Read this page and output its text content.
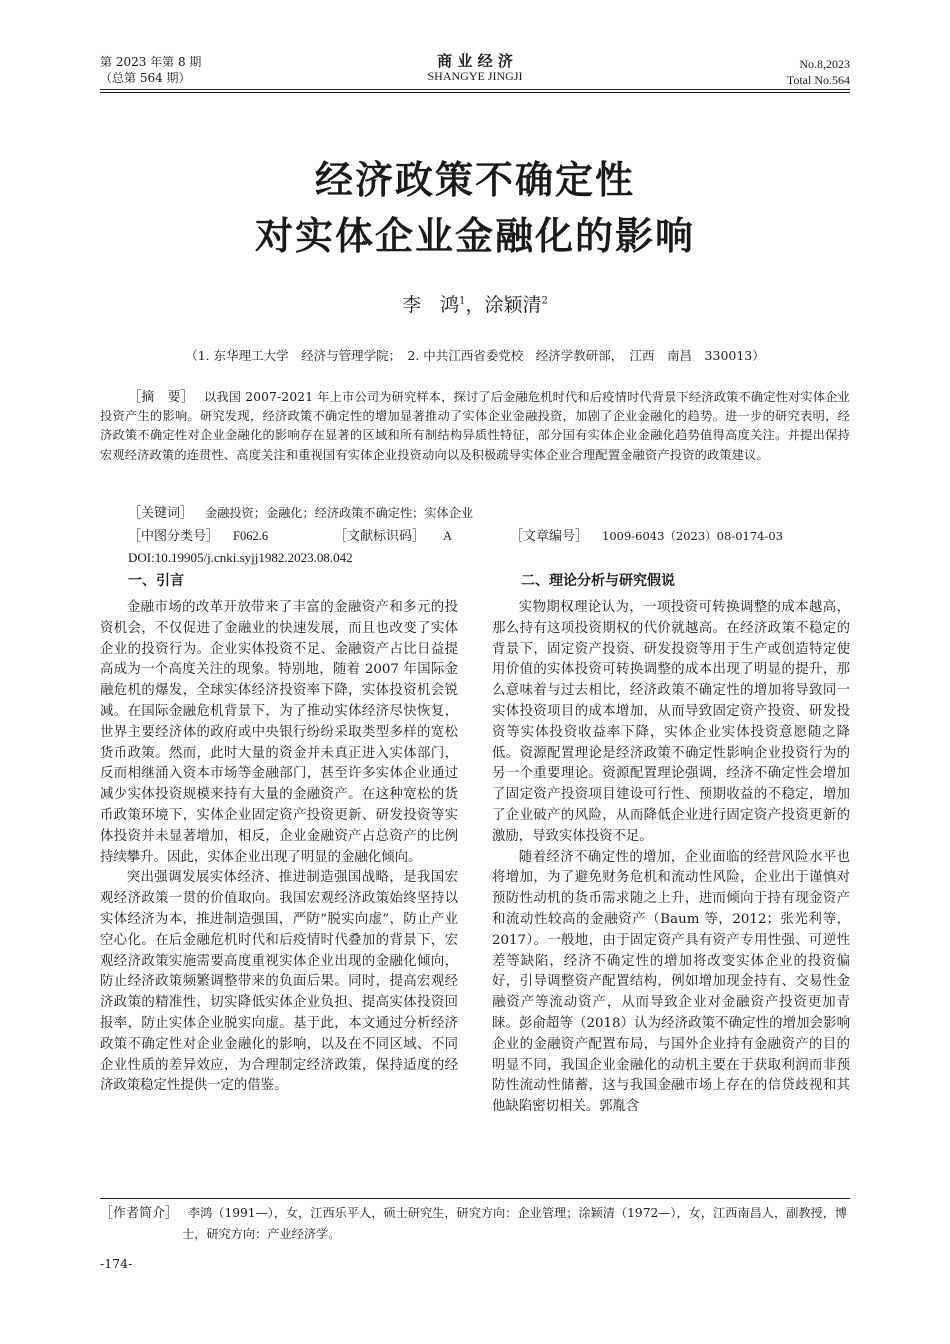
第 2023 年第 8 期
（总第 564 期）
商 业 经 济
SHANGYE JINGJI
No.8,2023
Total No.564
经济政策不确定性
对实体企业金融化的影响
李　鸿$^1$，涂颖清$^2$
（1. 东华理工大学　经济与管理学院；　2. 中共江西省委党校　经济学教研部，　江西　南昌　330013）
［摘　要］ 以我国 2007-2021 年上市公司为研究样本，探讨了后金融危机时代和后疫情时代背景下经济政策不确定性对实体企业投资产生的影响。研究发现，经济政策不确定性的增加显著推动了实体企业金融投资，加剧了企业金融化的趋势。进一步的研究表明，经济政策不确定性对企业金融化的影响存在显著的区域和所有制结构异质性特征，部分国有实体企业金融化趋势值得高度关注。并提出保持宏观经济政策的连贯性、高度关注和重视国有实体企业投资动向以及积极疏导实体企业合理配置金融资产投资的政策建议。
［关键词］ 金融投资；金融化；经济政策不确定性；实体企业
［中图分类号］ F062.6	［文献标识码］ A	［文章编号］ 1009-6043（2023）08-0174-03
DOI:10.19905/j.cnki.syjj1982.2023.08.042
一、引言	二、理论分析与研究假说

金融市场的改革开放带来了丰富的金融资产和多元的投资机会，不仅促进了金融业的快速发展，而且也改变了实体企业的投资行为。企业实体投资不足、金融资产占比日益提高成为一个高度关注的现象。特别地，随着 2007 年国际金融危机的爆发，全球实体经济投资率下降，实体投资机会锐减。在国际金融危机背景下，为了推动实体经济尽快恢复，世界主要经济体的政府或中央银行纷纷采取类型多样的宽松货币政策。然而，此时大量的资金并未真正进入实体部门，反而相继涌入资本市场等金融部门，甚至许多实体企业通过减少实体投资规模来持有大量的金融资产。在这种宽松的货币政策环境下，实体企业固定资产投资更新、研发投资等实体投资并未显著增加，相反，企业金融资产占总资产的比例持续攀升。因此，实体企业出现了明显的金融化倾向。

突出强调发展实体经济、推进制造强国战略，是我国宏观经济政策一贯的价值取向。我国宏观经济政策始终坚持以实体经济为本，推进制造强国，严防“脱实向虚”，防止产业空心化。在后金融危机时代和后疫情时代叠加的背景下，宏观经济政策实施需要高度重视实体企业出现的金融化倾向，防止经济政策频繁调整带来的负面后果。同时，提高宏观经济政策的精准性，切实降低实体企业负担、提高实体投资回报率，防止实体企业脱实向虚。基于此，本文通过分析经济政策不确定性对企业金融化的影响，以及在不同区域、不同企业性质的差异效应，为合理制定经济政策，保持适度的经济政策稳定性提供一定的借鉴。

实物期权理论认为，一项投资可转换调整的成本越高，那么持有这项投资期权的代价就越高。在经济政策不稳定的背景下，固定资产投资、研发投资等用于生产或创造特定使用价值的实体投资可转换调整的成本出现了明显的提升，那么意味着与过去相比，经济政策不确定性的增加将导致同一实体投资项目的成本增加，从而导致固定资产投资、研发投资等实体投资收益率下降，实体企业实体投资意愿随之降低。资源配置理论是经济政策不确定性影响企业投资行为的另一个重要理论。资源配置理论强调，经济不确定性会增加了固定资产投资项目建设可行性、预期收益的不稳定，增加了企业破产的风险，从而降低企业进行固定资产投资更新的激励，导致实体投资不足。

随着经济不确定性的增加，企业面临的经营风险水平也将增加，为了避免财务危机和流动性风险，企业出于谨慎对预防性动机的货币需求随之上升，进而倾向于持有现金资产和流动性较高的金融资产（Baum 等，2012；张光利等，2017）。一般地，由于固定资产具有资产专用性强、可逆性差等缺陷，经济不确定性的增加将改变实体企业的投资偏好，引导调整资产配置结构，例如增加现金持有、交易性金融资产等流动资产，从而导致企业对金融资产投资更加青睐。彭俞超等（2018）认为经济政策不确定性的增加会影响企业的金融资产配置布局，与国外企业持有金融资产的目的明显不同，我国企业金融化的动机主要在于获取利润而非预防性流动性储蓄，这与我国金融市场上存在的信贷歧视和其他缺陷密切相关。郭胤含

［作者简介］ 李鸿（1991—），女，江西乐平人，硕士研究生，研究方向：企业管理；涂颖清（1972—），女，江西南昌人，副教授，博士，研究方向：产业经济学。
-174-
